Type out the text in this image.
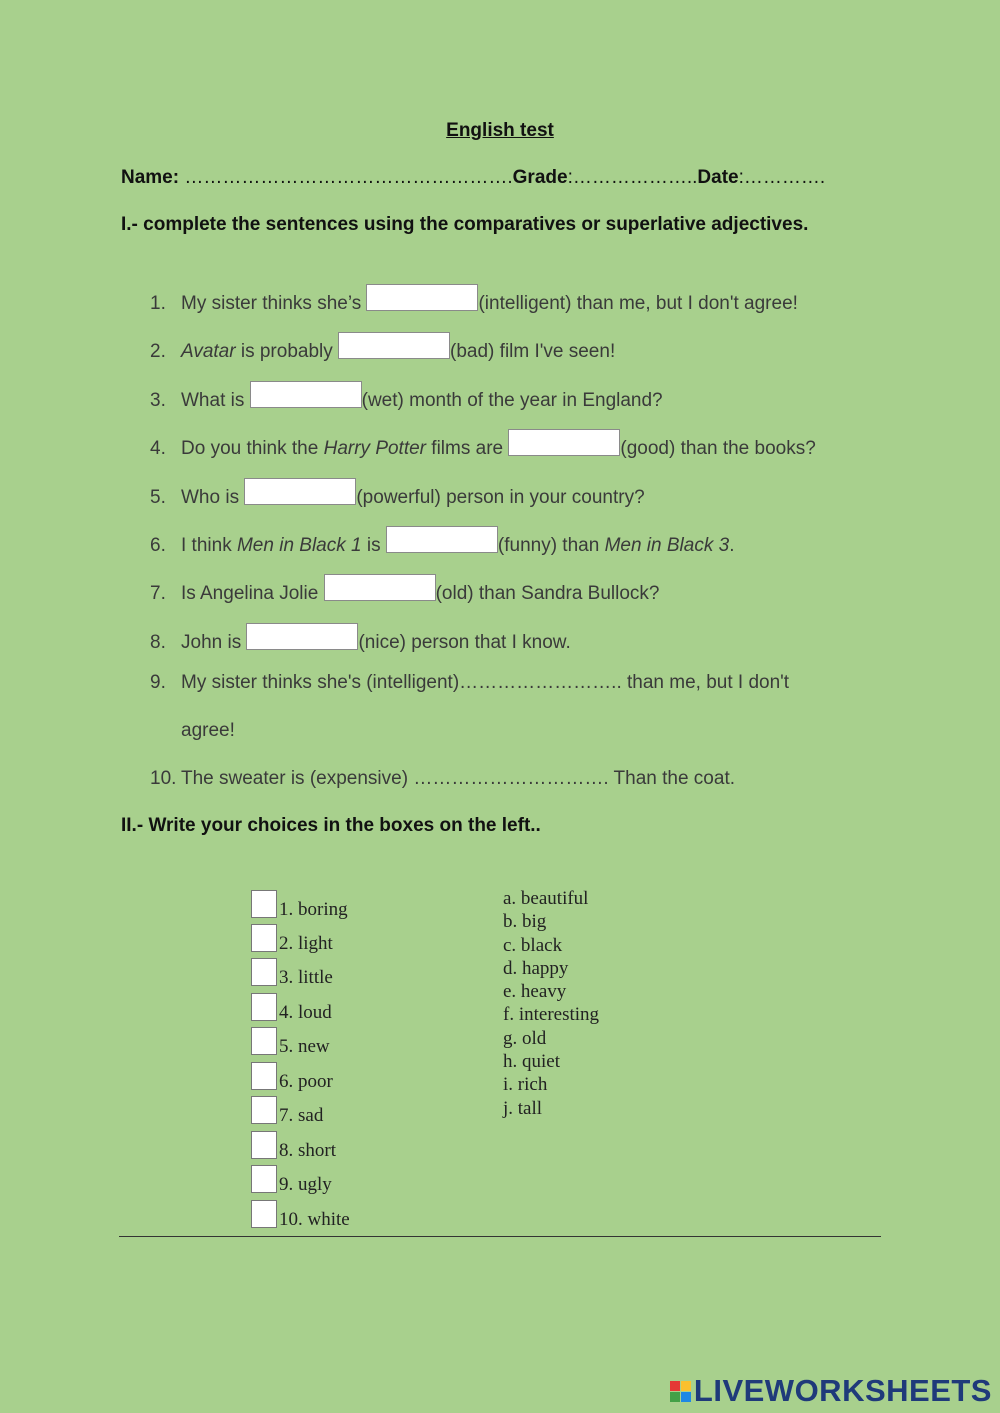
English test
Name: …………………………………………….Grade:………………..Date:………….
I.- complete the sentences using the comparatives or superlative adjectives.
1. My sister thinks she’s	(intelligent) than me, but I don't agree!
2. Avatar is probably	(bad) film I've seen!
3. What is	(wet) month of the year in England?
4. Do you think the Harry Potter films are	(good) than the books?
5. Who is	(powerful) person in your country?
6. I think Men in Black 1 is	(funny) than Men in Black 3.
7. Is Angelina Jolie	(old) than Sandra Bullock?
8. John is	(nice) person that I know.
9. My sister thinks she's (intelligent)…………………….. than me, but I don't
agree!
10. The sweater is (expensive) …………………………. Than the coat.
II.- Write your choices in the boxes on the left..
1. boring
2. light
3. little
4. loud
5. new
6. poor
7. sad
8. short
9. ugly
10. white
a. beautiful
b. big
c. black
d. happy
e. heavy
f. interesting
g. old
h. quiet
i. rich
j. tall
LIVEWORKSHEETS
